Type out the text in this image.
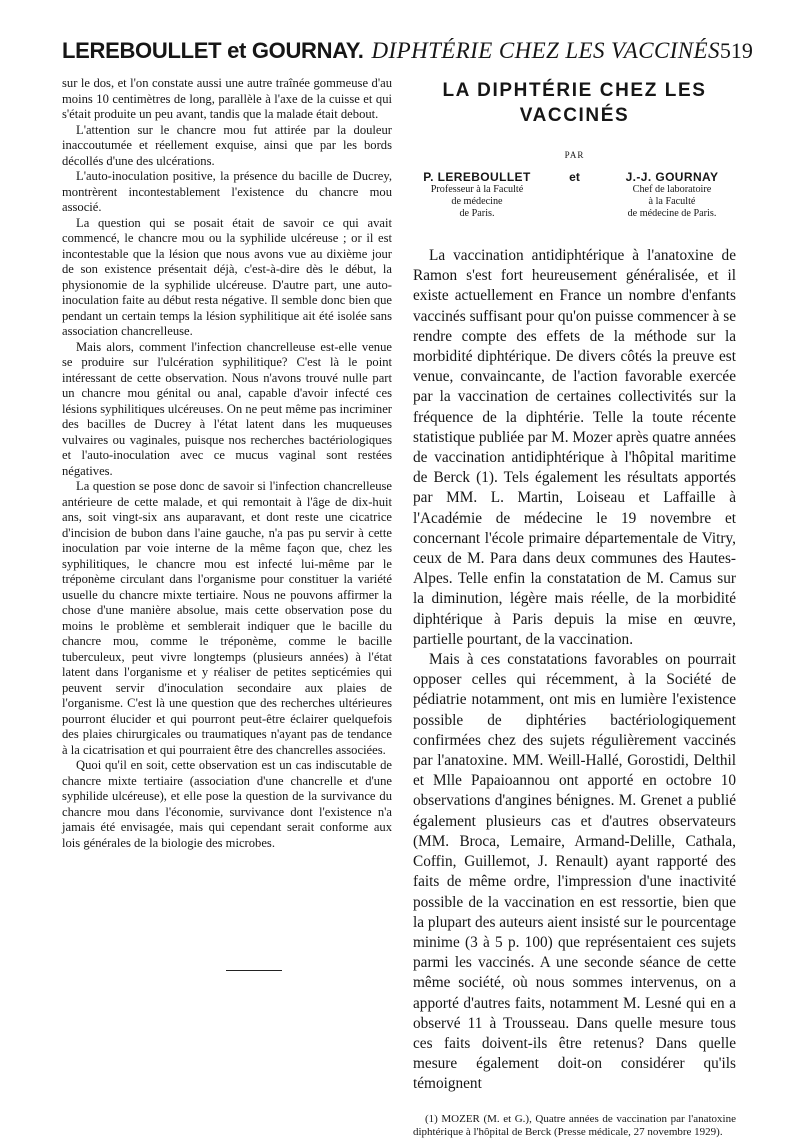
LEREBOULLET et GOURNAY. DIPHTÉRIE CHEZ LES VACCINÉS 519

sur le dos, et l'on constate aussi une autre traînée gommeuse d'au moins 10 centimètres de long, parallèle à l'axe de la cuisse et qui s'était produite un peu avant, tandis que la malade était debout.

L'attention sur le chancre mou fut attirée par la douleur inaccoutumée et réellement exquise, ainsi que par les bords décollés d'une des ulcérations.

L'auto-inoculation positive, la présence du bacille de Ducrey, montrèrent incontestablement l'existence du chancre mou associé.

La question qui se posait était de savoir ce qui avait commencé, le chancre mou ou la syphilide ulcéreuse ; or il est incontestable que la lésion que nous avons vue au dixième jour de son existence présentait déjà, c'est-à-dire dès le début, la physionomie de la syphilide ulcéreuse. D'autre part, une auto-inoculation faite au début resta négative. Il semble donc bien que pendant un certain temps la lésion syphilitique ait été isolée sans association chancrelleuse.

Mais alors, comment l'infection chancrelleuse est-elle venue se produire sur l'ulcération syphilitique? C'est là le point intéressant de cette observation. Nous n'avons trouvé nulle part un chancre mou génital ou anal, capable d'avoir infecté ces lésions syphilitiques ulcéreuses. On ne peut même pas incriminer des bacilles de Ducrey à l'état latent dans les muqueuses vulvaires ou vaginales, puisque nos recherches bactériologiques et l'auto-inoculation avec ce mucus vaginal sont restées négatives.

La question se pose donc de savoir si l'infection chancrelleuse antérieure de cette malade, et qui remontait à l'âge de dix-huit ans, soit vingt-six ans auparavant, et dont reste une cicatrice d'incision de bubon dans l'aine gauche, n'a pas pu servir à cette inoculation par voie interne de la même façon que, chez les syphilitiques, le chancre mou est infecté lui-même par le tréponème circulant dans l'organisme pour constituer la variété usuelle du chancre mixte tertiaire. Nous ne pouvons affirmer la chose d'une manière absolue, mais cette observation pose du moins le problème et semblerait indiquer que le bacille du chancre mou, comme le tréponème, comme le bacille tuberculeux, peut vivre longtemps (plusieurs années) à l'état latent dans l'organisme et y réaliser de petites septicémies qui peuvent servir d'inoculation secondaire aux plaies de l'organisme. C'est là une question que des recherches ultérieures pourront élucider et qui pourront peut-être éclairer quelquefois des plaies chirurgicales ou traumatiques n'ayant pas de tendance à la cicatrisation et qui pourraient être des chancrelles associées.

Quoi qu'il en soit, cette observation est un cas indiscutable de chancre mixte tertiaire (association d'une chancrelle et d'une syphilide ulcéreuse), et elle pose la question de la survivance du chancre mou dans l'économie, survivance dont l'existence n'a jamais été envisagée, mais qui cependant serait conforme aux lois générales de la biologie des microbes.

LA DIPHTÉRIE CHEZ LES
VACCINÉS
PAR
P. LEREBOULLET
Professeur à la Faculté
de médecine
de Paris.
et	J.-J. GOURNAY
Chef de laboratoire
à la Faculté
de médecine de Paris.

La vaccination antidiphtérique à l'anatoxine de Ramon s'est fort heureusement généralisée, et il existe actuellement en France un nombre d'enfants vaccinés suffisant pour qu'on puisse commencer à se rendre compte des effets de la méthode sur la morbidité diphtérique. De divers côtés la preuve est venue, convaincante, de l'action favorable exercée par la vaccination de certaines collectivités sur la fréquence de la diphtérie. Telle la toute récente statistique publiée par M. Mozer après quatre années de vaccination antidiphtérique à l'hôpital maritime de Berck (1). Tels également les résultats apportés par MM. L. Martin, Loiseau et Laffaille à l'Académie de médecine le 19 novembre et concernant l'école primaire départementale de Vitry, ceux de M. Para dans deux communes des Hautes-Alpes. Telle enfin la constatation de M. Camus sur la diminution, légère mais réelle, de la morbidité diphtérique à Paris depuis la mise en œuvre, partielle pourtant, de la vaccination.

Mais à ces constatations favorables on pourrait opposer celles qui récemment, à la Société de pédiatrie notamment, ont mis en lumière l'existence possible de diphtéries bactériologiquement confirmées chez des sujets régulièrement vaccinés par l'anatoxine. MM. Weill-Hallé, Gorostidi, Delthil et Mlle Papaioannou ont apporté en octobre 10 observations d'angines bénignes. M. Grenet a publié également plusieurs cas et d'autres observateurs (MM. Broca, Lemaire, Armand-Delille, Cathala, Coffin, Guillemot, J. Renault) ayant rapporté des faits de même ordre, l'impression d'une inactivité possible de la vaccination en est ressortie, bien que la plupart des auteurs aient insisté sur le pourcentage minime (3 à 5 p. 100) que représentaient ces sujets parmi les vaccinés. A une seconde séance de cette même société, où nous sommes intervenus, on a apporté d'autres faits, notamment M. Lesné qui en a observé 11 à Trousseau. Dans quelle mesure tous ces faits doivent-ils être retenus? Dans quelle mesure également doit-on considérer qu'ils témoignent

(1) MOZER (M. et G.), Quatre années de vaccination par l'anatoxine diphtérique à l'hôpital de Berck (Presse médicale, 27 novembre 1929).
